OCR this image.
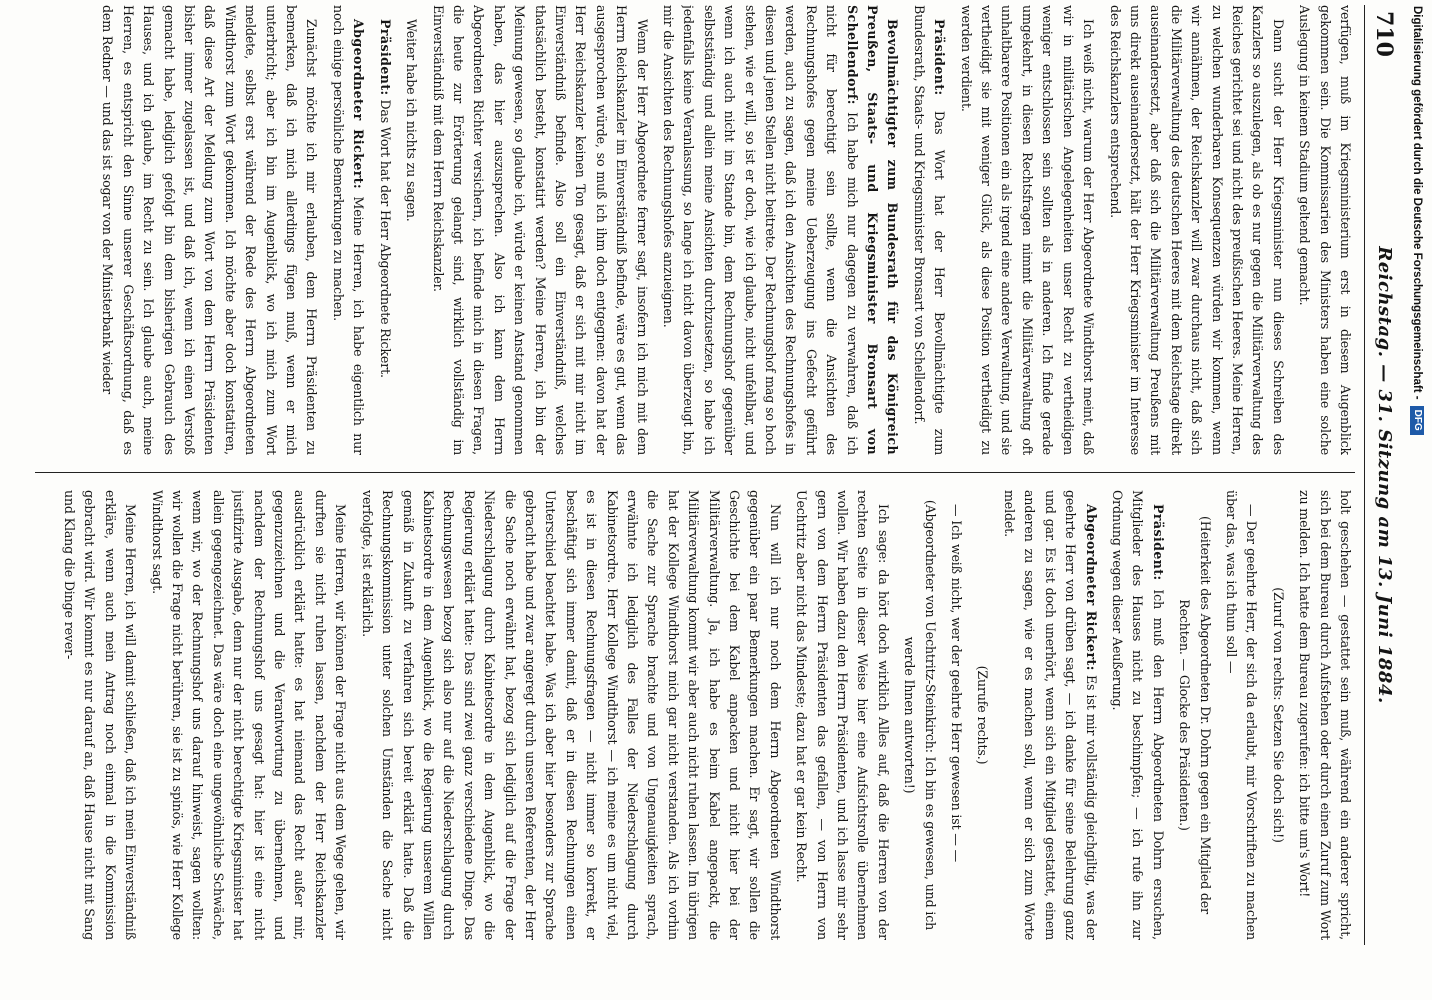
710
Reichstag. — 31. Sitzung am 13. Juni 1884.

verfügen, muß im Kriegsministerium erst in diesem Augenblick gekommen sein. Die Kommissarien des Ministers haben eine solche Auslegung in keinem Stadium geltend gemacht.

Dann sucht der Herr Kriegsminister nun dieses Schreiben des Kanzlers so auszulegen, als ob es nur gegen die Militärverwaltung des Reiches gerichtet sei und nicht des preußischen Heeres. Meine Herren, zu welchen wunderbaren Konsequenzen würden wir kommen, wenn wir annähmen, der Reichskanzler will zwar durchaus nicht, daß sich die Militärverwaltung des deutschen Heeres mit dem Reichstage direkt auseinandersetzt, aber daß sich die Militärverwaltung Preußens mit uns direkt auseinandersetzt, hält der Herr Kriegsminister im Interesse des Reichskanzlers entsprechend.

Ich weiß nicht, warum der Herr Abgeordnete Windthorst meint, daß wir in militärischen Angelegenheiten unser Recht zu vertheidigen weniger entschlossen sein sollten als in anderen. Ich finde gerade umgekehrt, in diesen Rechtsfragen nimmt die Militärverwaltung oft unhaltbarere Positionen ein als irgend eine andere Verwaltung, und sie vertheidigt sie mit weniger Glück, als diese Position vertheidigt zu werden verdient.

Präsident: Das Wort hat der Herr Bevollmächtigte zum Bundesrath, Staats- und Kriegsminister Bronsart von Schellendorf.

Bevollmächtigter zum Bundesrath für das Königreich Preußen, Staats- und Kriegsminister Bronsart von Schellendorf: Ich habe mich nur dagegen zu verwahren, daß ich nicht für berechtigt sein sollte, wenn die Ansichten des Rechnungshofes gegen meine Ueberzeugung ins Gefecht geführt werden, auch zu sagen, daß ich den Ansichten des Rechnungshofes in diesen und jenen Stellen nicht beitrete. Der Rechnungshof mag so hoch stehen, wie er will, so ist er doch, wie ich glaube, nicht unfehlbar, und wenn ich auch nicht im Stande bin, dem Rechnungshof gegenüber selbstständig und allein meine Ansichten durchzusetzen, so habe ich jedenfalls keine Veranlassung, so lange ich nicht davon überzeugt bin, mir die Ansichten des Rechnungshofes anzueignen.

Wenn der Herr Abgeordnete ferner sagt, insofern ich mich mit dem Herrn Reichskanzler im Einverständniß befinde, wäre es gut, wenn das ausgesprochen würde, so muß ich ihm doch entgegnen: davon hat der Herr Reichskanzler keinen Ton gesagt, daß er sich mit mir nicht im Einverständniß befinde. Also soll ein Einverständniß, welches thatsächlich besteht, konstatirt werden? Meine Herren, ich bin der Meinung gewesen, so glaube ich, würde er keinen Anstand genommen haben, das hier auszusprechen. Also ich kann dem Herrn Abgeordneten Richter versichern, ich befinde mich in diesen Fragen, die heute zur Erörterung gelangt sind, wirklich vollständig im Einverständniß mit dem Herrn Reichskanzler.

Weiter habe ich nichts zu sagen.

Präsident: Das Wort hat der Herr Abgeordnete Rickert.

Abgeordneter Rickert: Meine Herren, ich habe eigentlich nur noch einige persönliche Bemerkungen zu machen.

Zunächst möchte ich mir erlauben, dem Herrn Präsidenten zu bemerken, daß ich mich allerdings fügen muß, wenn er mich unterbricht; aber ich bin im Augenblick, wo ich mich zum Wort meldete, selbst erst während der Rede des Herrn Abgeordneten Windthorst zum Wort gekommen. Ich möchte aber doch konstatiren, daß diese Art der Meldung zum Wort von dem Herrn Präsidenten bisher immer zugelassen ist, und daß ich, wenn ich einen Verstoß gemacht habe, lediglich gefolgt bin dem bisherigen Gebrauch des Hauses, und ich glaube, im Recht zu sein. Ich glaube auch, meine Herren, es entspricht den Sinne unserer Geschäftsordnung, daß es dem Redner — und das ist sogar von der Ministerbank wieder

holt geschehen — gestattet sein muß, während ein anderer spricht, sich bei dem Bureau durch Aufstehen oder durch einen Zuruf zum Wort zu melden. Ich hatte dem Bureau zugerufen: ich bitte um's Wort!

(Zuruf von rechts: Setzen Sie doch sich!)

— Der geehrte Herr, der sich da erlaubt, mir Vorschriften zu machen über das, was ich thun soll —

(Heiterkeit des Abgeordneten Dr. Dohrn gegen ein Mitglied der Rechten. — Glocke des Präsidenten.)

Präsident: Ich muß den Herrn Abgeordneten Dohrn ersuchen, Mitglieder des Hauses nicht zu beschimpfen; — ich rufe ihn zur Ordnung wegen dieser Aeußerung.

Abgeordneter Rickert: Es ist mir vollständig gleichgiltig, was der geehrte Herr von drüben sagt, — ich danke für seine Belehrung ganz und gar. Es ist doch unerhört, wenn sich ein Mitglied gestattet, einem anderen zu sagen, wie er es machen soll, wenn er sich zum Worte meldet.

(Zurufe rechts.)

— Ich weiß nicht, wer der geehrte Herr gewesen ist — —

(Abgeordneter von Uechtritz-Steinkirch: Ich bin es gewesen, und ich werde Ihnen antworten!)

Ich sage: da hört doch wirklich Alles auf, daß die Herren von der rechten Seite in dieser Weise hier eine Aufsichtsrolle übernehmen wollen. Wir haben dazu den Herrn Präsidenten, und ich lasse mir sehr gern von dem Herrn Präsidenten das gefallen, — von Herrn von Uechtritz aber nicht das Mindeste; dazu hat er gar kein Recht.

Nun will ich nur noch dem Herrn Abgeordneten Windthorst gegenüber ein paar Bemerkungen machen. Er sagt, wir sollen die Geschichte bei dem Kabel anpacken und nicht hier bei der Militärverwaltung. Ja, ich habe es beim Kabel angepackt, die Militärverwaltung kommt wir aber auch nicht ruhen lassen. Im übrigen hat der Kollege Windthorst mich gar nicht verstanden. Als ich vorhin die Sache zur Sprache brachte und von Ungenauigkeiten sprach, erwähnte ich lediglich des Falles der Niederschlagung durch Kabinetsordre. Herr Kollege Windthorst — ich meine es um nicht viel, es ist in diesen Rechnungsfragen — nicht immer so korrekt, er beschäftigt sich immer damit, daß er in diesen Rechnungen einen Unterschied beachtet habe. Was ich aber hier besonders zur Sprache gebracht habe und zwar angeregt durch unseren Referenten, der Herr die Sache noch erwähnt hat, bezog sich lediglich auf die Frage der Niederschlagung durch Kabinetsordre in dem Augenblick, wo die Regierung erklärt hatte: Das sind zwei ganz verschiedene Dinge. Das Rechnungswesen bezog sich also nur auf die Niederschlagung durch Kabinetsordre in dem Augenblick, wo die Regierung unserem Willen gemäß in Zukunft zu verfahren sich bereit erklärt hatte. Daß die Rechnungskommission unter solchen Umständen die Sache nicht verfolgte, ist erklärlich.

Meine Herren, wir können der Frage nicht aus dem Wege gehen, wir durften sie nicht ruhen lassen, nachdem der Herr Reichskanzler ausdrücklich erklärt hatte: es hat niemand das Recht außer mir, gegenzuzeichnen und die Verantwortung zu übernehmen, und nachdem der Rechnungshof uns gesagt hat: hier ist eine nicht justifizirte Ausgabe, denn nur der nicht berechtigte Kriegsminister hat allein gegengezeichnet. Das wäre doch eine ungewöhnliche Schwäche, wenn wir, wo der Rechnungshof uns darauf hinweist, sagen wollten: wir wollen die Frage nicht berühren, sie ist zu spinös, wie Herr Kollege Windthorst sagt.

Meine Herren, ich will damit schließen, daß ich mein Einverständniß erkläre, wenn auch mein Antrag noch einmal in die Kommission gebracht wird. Wir kommt es nur darauf an, daß Hause nicht mit Sang und Klang die Dinge rever-

Digitalisierung gefördert durch die Deutsche Forschungsgemeinschaft -DFG
